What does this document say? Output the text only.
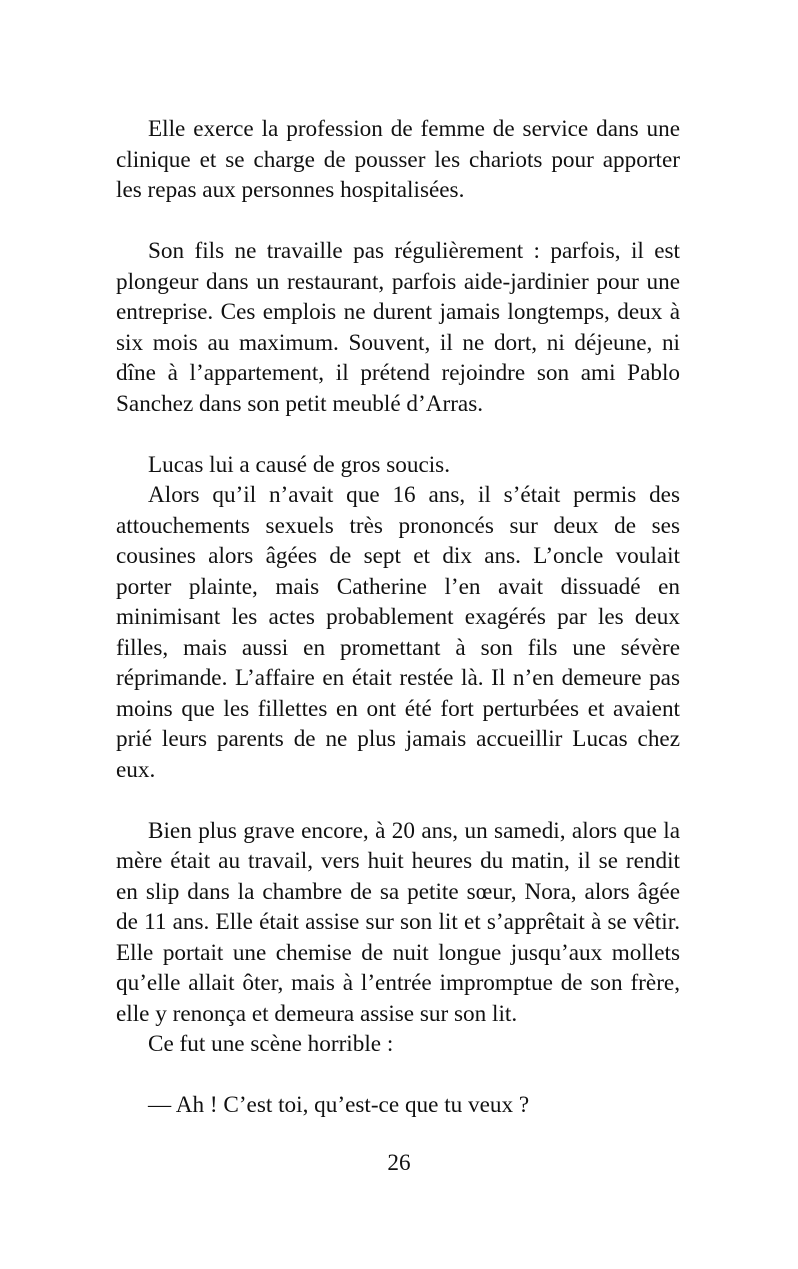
Elle exerce la profession de femme de service dans une clinique et se charge de pousser les chariots pour apporter les repas aux personnes hospitalisées.

Son fils ne travaille pas régulièrement : parfois, il est plongeur dans un restaurant, parfois aide-jardinier pour une entreprise. Ces emplois ne durent jamais longtemps, deux à six mois au maximum. Souvent, il ne dort, ni déjeune, ni dîne à l’appartement, il prétend rejoindre son ami Pablo Sanchez dans son petit meublé d’Arras.

Lucas lui a causé de gros soucis.

Alors qu’il n’avait que 16 ans, il s’était permis des attouchements sexuels très prononcés sur deux de ses cousines alors âgées de sept et dix ans. L’oncle voulait porter plainte, mais Catherine l’en avait dissuadé en minimisant les actes probablement exagérés par les deux filles, mais aussi en promettant à son fils une sévère réprimande. L’affaire en était restée là. Il n’en demeure pas moins que les fillettes en ont été fort perturbées et avaient prié leurs parents de ne plus jamais accueillir Lucas chez eux.

Bien plus grave encore, à 20 ans, un samedi, alors que la mère était au travail, vers huit heures du matin, il se rendit en slip dans la chambre de sa petite sœur, Nora, alors âgée de 11 ans. Elle était assise sur son lit et s’apprêtait à se vêtir. Elle portait une chemise de nuit longue jusqu’aux mollets qu’elle allait ôter, mais à l’entrée impromptue de son frère, elle y renonça et demeura assise sur son lit.

Ce fut une scène horrible :

— Ah ! C’est toi, qu’est-ce que tu veux ?

26
